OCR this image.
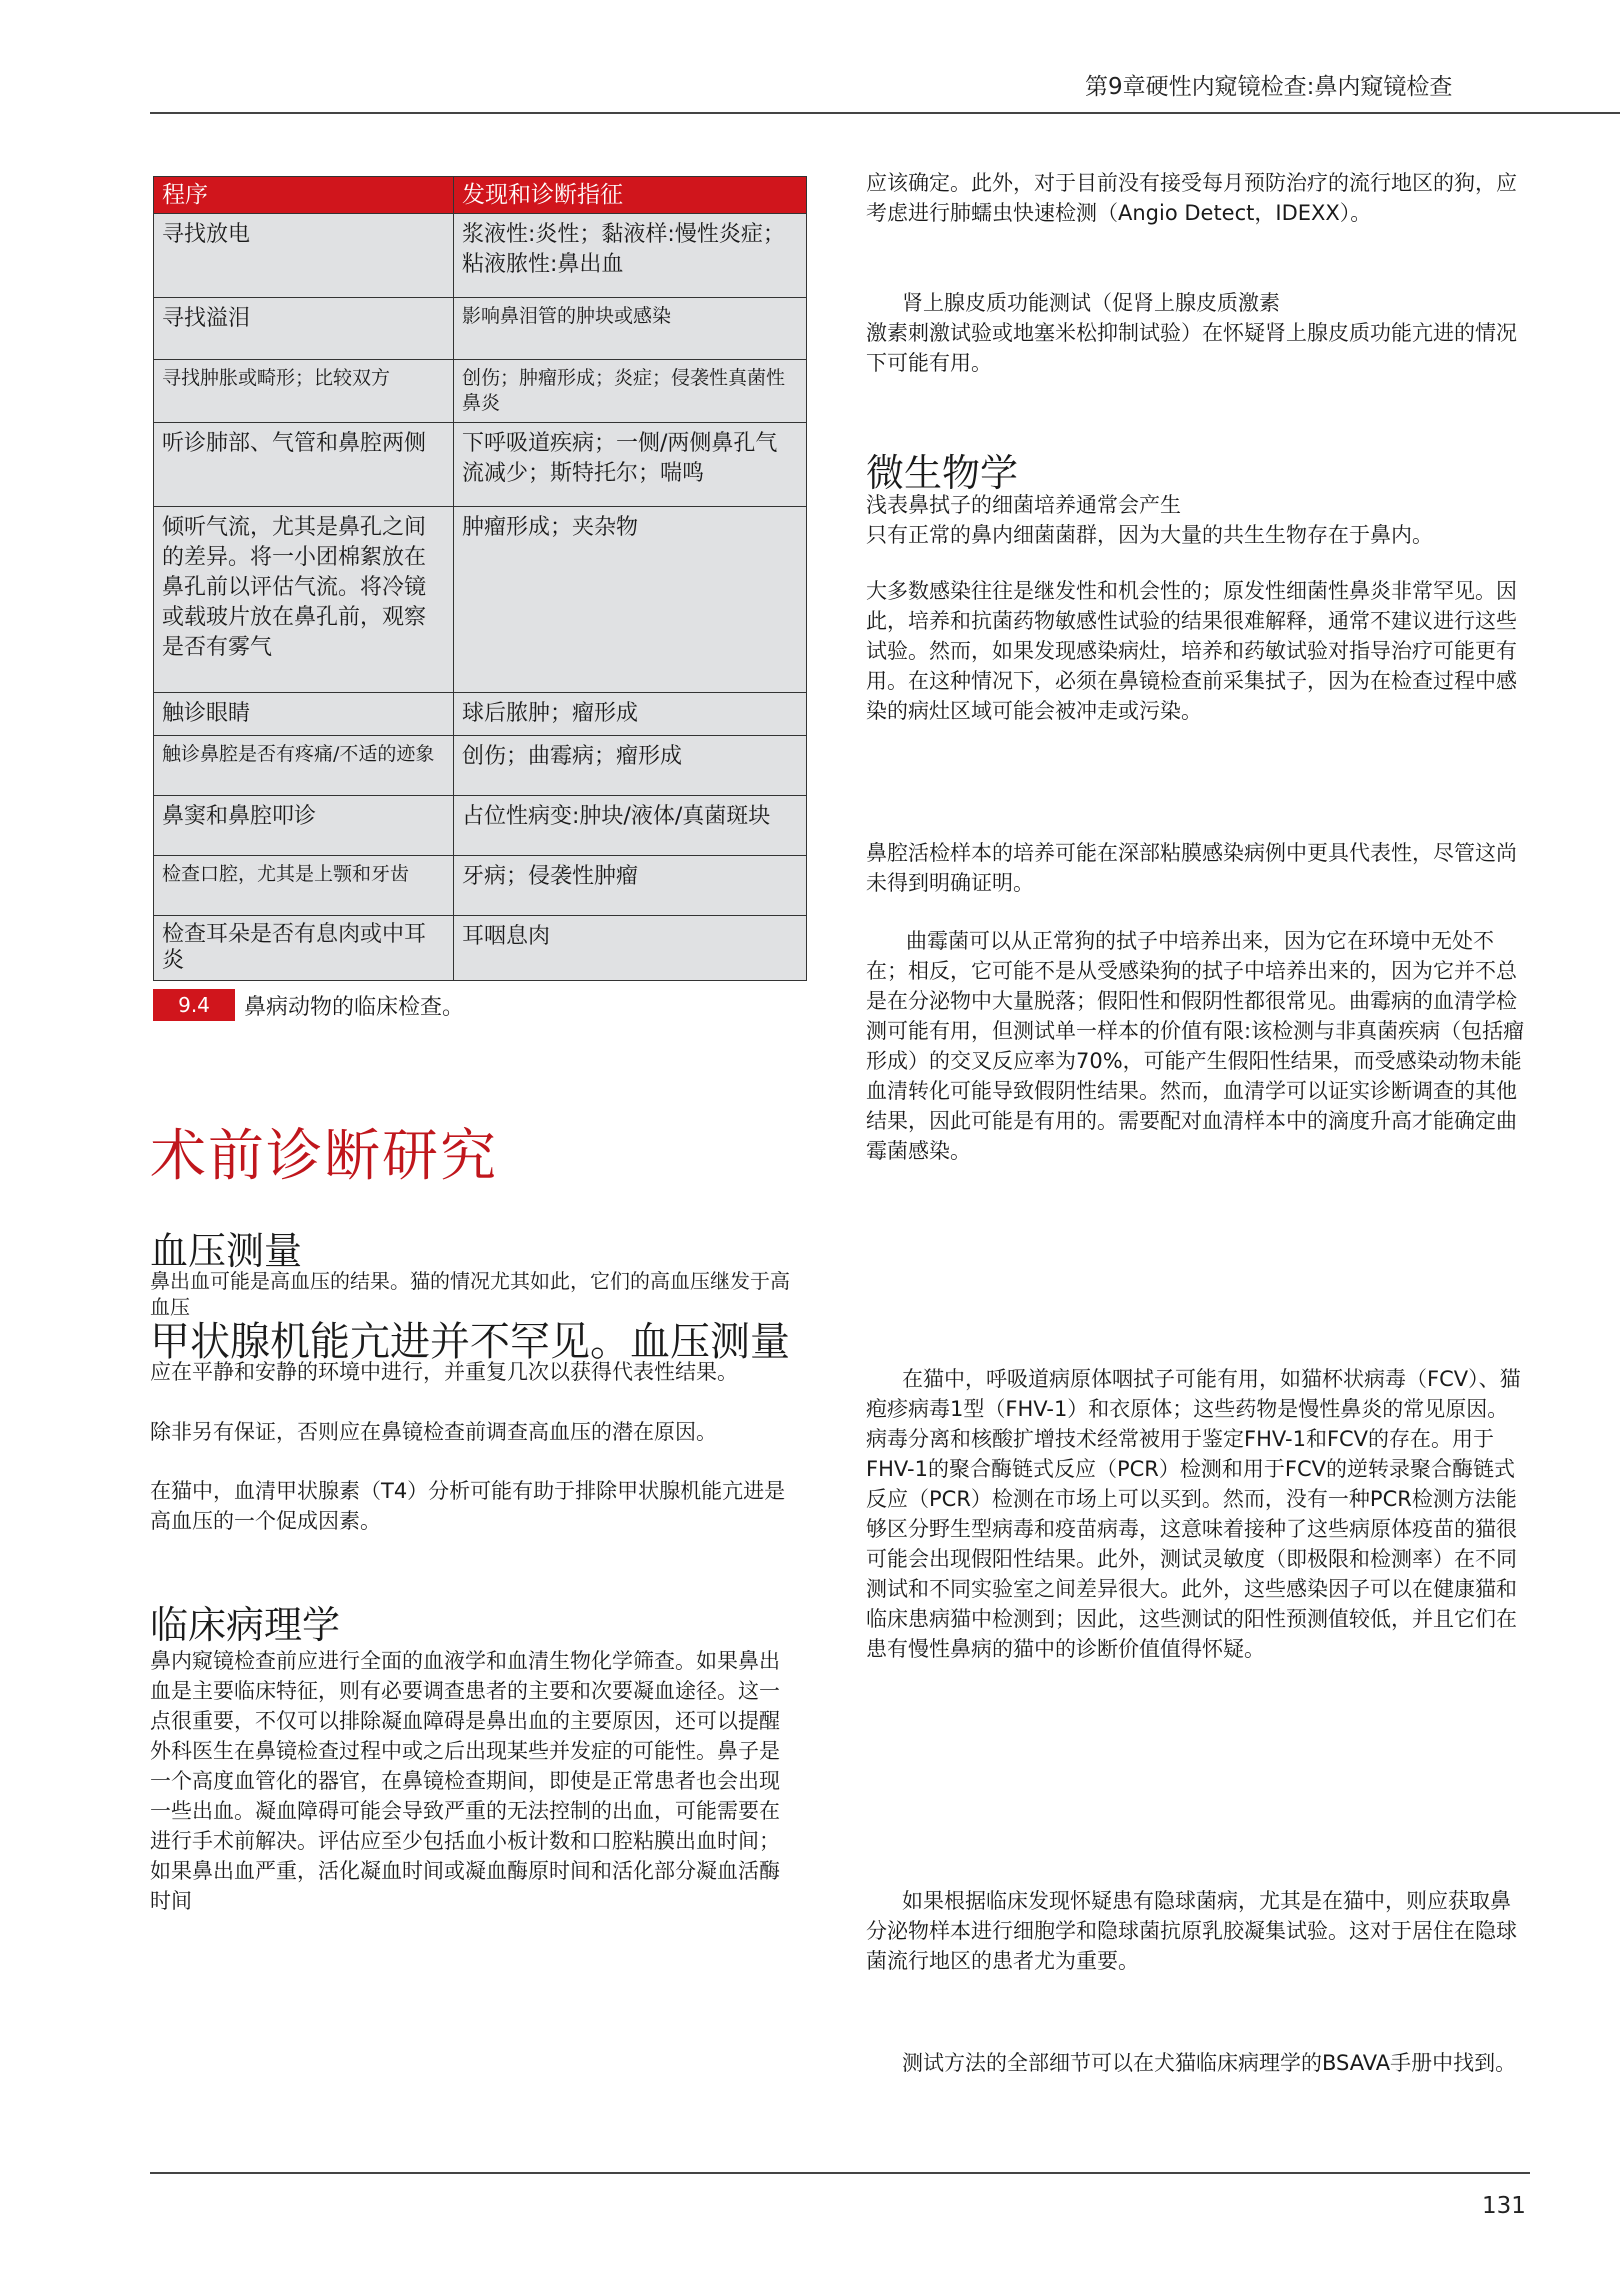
第9章硬性内窥镜检查:鼻内窥镜检查
程序	发现和诊断指征
寻找放电	浆液性:炎性；黏液样:慢性炎症；粘液脓性:鼻出血
寻找溢泪	影响鼻泪管的肿块或感染
寻找肿胀或畸形；比较双方	创伤；肿瘤形成；炎症；侵袭性真菌性鼻炎
听诊肺部、气管和鼻腔两侧	下呼吸道疾病；一侧/两侧鼻孔气流减少；斯特托尔；喘鸣
倾听气流，尤其是鼻孔之间的差异。将一小团棉絮放在鼻孔前以评估气流。将冷镜或载玻片放在鼻孔前，观察是否有雾气	肿瘤形成；夹杂物
触诊眼睛	球后脓肿；瘤形成
触诊鼻腔是否有疼痛/不适的迹象	创伤；曲霉病；瘤形成
鼻窦和鼻腔叩诊	占位性病变:肿块/液体/真菌斑块
检查口腔，尤其是上颚和牙齿	牙病；侵袭性肿瘤
检查耳朵是否有息肉或中耳炎	耳咽息肉
9.4	鼻病动物的临床检查。
术前诊断研究
血压测量
鼻出血可能是高血压的结果。猫的情况尤其如此，它们的高血压继发于高血压
甲状腺机能亢进并不罕见。血压测量
应在平静和安静的环境中进行，并重复几次以获得代表性结果。
除非另有保证，否则应在鼻镜检查前调查高血压的潜在原因。
在猫中，血清甲状腺素（T4）分析可能有助于排除甲状腺机能亢进是高血压的一个促成因素。
临床病理学
鼻内窥镜检查前应进行全面的血液学和血清生物化学筛查。如果鼻出血是主要临床特征，则有必要调查患者的主要和次要凝血途径。这一点很重要，不仅可以排除凝血障碍是鼻出血的主要原因，还可以提醒外科医生在鼻镜检查过程中或之后出现某些并发症的可能性。鼻子是一个高度血管化的器官，在鼻镜检查期间，即使是正常患者也会出现一些出血。凝血障碍可能会导致严重的无法控制的出血，可能需要在进行手术前解决。评估应至少包括血小板计数和口腔粘膜出血时间；如果鼻出血严重，活化凝血时间或凝血酶原时间和活化部分凝血活酶时间
应该确定。此外，对于目前没有接受每月预防治疗的流行地区的狗，应考虑进行肺蠕虫快速检测（Angio Detect，IDEXX）。
肾上腺皮质功能测试（促肾上腺皮质激素
激素刺激试验或地塞米松抑制试验）在怀疑肾上腺皮质功能亢进的情况下可能有用。
微生物学
浅表鼻拭子的细菌培养通常会产生
只有正常的鼻内细菌菌群，因为大量的共生生物存在于鼻内。
大多数感染往往是继发性和机会性的；原发性细菌性鼻炎非常罕见。因此，培养和抗菌药物敏感性试验的结果很难解释，通常不建议进行这些试验。然而，如果发现感染病灶，培养和药敏试验对指导治疗可能更有用。在这种情况下，必须在鼻镜检查前采集拭子，因为在检查过程中感染的病灶区域可能会被冲走或污染。
鼻腔活检样本的培养可能在深部粘膜感染病例中更具代表性，尽管这尚未得到明确证明。
曲霉菌可以从正常狗的拭子中培养出来，因为它在环境中无处不在；相反，它可能不是从受感染狗的拭子中培养出来的，因为它并不总是在分泌物中大量脱落；假阳性和假阴性都很常见。曲霉病的血清学检测可能有用，但测试单一样本的价值有限:该检测与非真菌疾病（包括瘤形成）的交叉反应率为70%，可能产生假阳性结果，而受感染动物未能血清转化可能导致假阴性结果。然而，血清学可以证实诊断调查的其他结果，因此可能是有用的。需要配对血清样本中的滴度升高才能确定曲霉菌感染。
在猫中，呼吸道病原体咽拭子可能有用，如猫杯状病毒（FCV）、猫疱疹病毒1型（FHV-1）和衣原体；这些药物是慢性鼻炎的常见原因。病毒分离和核酸扩增技术经常被用于鉴定FHV-1和FCV的存在。用于FHV-1的聚合酶链式反应（PCR）检测和用于FCV的逆转录聚合酶链式反应（PCR）检测在市场上可以买到。然而，没有一种PCR检测方法能够区分野生型病毒和疫苗病毒，这意味着接种了这些病原体疫苗的猫很可能会出现假阳性结果。此外，测试灵敏度（即极限和检测率）在不同测试和不同实验室之间差异很大。此外，这些感染因子可以在健康猫和临床患病猫中检测到；因此，这些测试的阳性预测值较低，并且它们在患有慢性鼻病的猫中的诊断价值值得怀疑。
如果根据临床发现怀疑患有隐球菌病，尤其是在猫中，则应获取鼻分泌物样本进行细胞学和隐球菌抗原乳胶凝集试验。这对于居住在隐球菌流行地区的患者尤为重要。
测试方法的全部细节可以在犬猫临床病理学的BSAVA手册中找到。
131
